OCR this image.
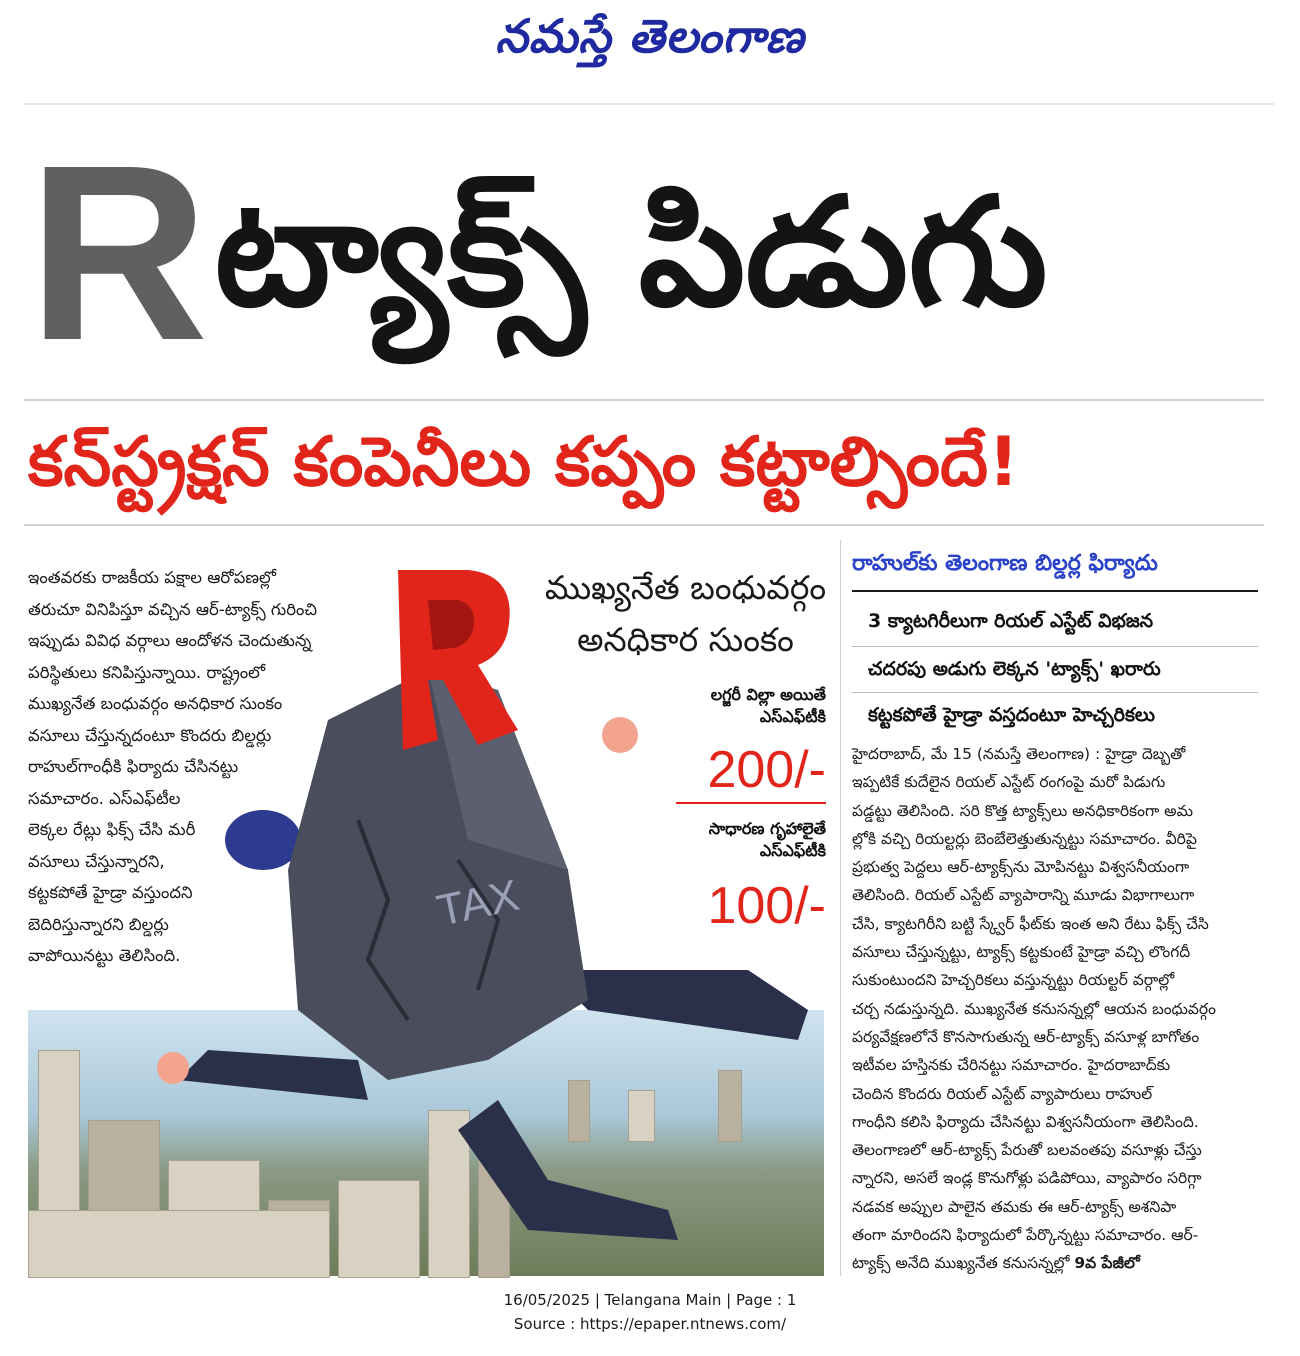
నమస్తే తెలంగాణ
R ట్యాక్స్ పిడుగు
కన్‌స్ట్రక్షన్ కంపెనీలు కప్పం కట్టాల్సిందే!
TAX
ఇంతవరకు రాజకీయ పక్షాల ఆరోపణల్లో
తరుచూ వినిపిస్తూ వచ్చిన ఆర్-ట్యాక్స్ గురించి
ఇప్పుడు వివిధ వర్గాలు ఆందోళన చెందుతున్న
పరిస్థితులు కనిపిస్తున్నాయి. రాష్ట్రంలో
ముఖ్యనేత బంధువర్గం అనధికార సుంకం
వసూలు చేస్తున్నదంటూ కొందరు బిల్డర్లు
రాహుల్‌గాంధీకి ఫిర్యాదు చేసినట్టు
సమాచారం. ఎస్‌ఎఫ్‌టీల
లెక్కల రేట్లు ఫిక్స్ చేసి మరీ
వసూలు చేస్తున్నారని,
కట్టకపోతే హైడ్రా వస్తుందని
బెదిరిస్తున్నారని బిల్డర్లు
వాపోయినట్టు తెలిసింది.
ముఖ్యనేత బంధువర్గం
అనధికార సుంకం
లగ్జరీ విల్లా అయితే
ఎస్‌ఎఫ్‌టీకి
200/-
సాధారణ గృహాలైతే
ఎస్‌ఎఫ్‌టీకి
100/-
రాహుల్‌కు తెలంగాణ బిల్డర్ల ఫిర్యాదు
3 క్యాటగిరీలుగా రియల్ ఎస్టేట్ విభజన
చదరపు అడుగు లెక్కన 'ట్యాక్స్' ఖరారు
కట్టకపోతే హైడ్రా వస్తదంటూ హెచ్చరికలు
హైదరాబాద్, మే 15 (నమస్తే తెలంగాణ) : హైడ్రా దెబ్బతో
ఇప్పటికే కుదేలైన రియల్ ఎస్టేట్ రంగంపై మరో పిడుగు
పడ్డట్టు తెలిసింది. సరి కొత్త ట్యాక్స్‌లు అనధికారికంగా అమ
ల్లోకి వచ్చి రియల్టర్లు బెంబేలెత్తుతున్నట్టు సమాచారం. వీరిపై
ప్రభుత్వ పెద్దలు ఆర్-ట్యాక్స్‌ను మోపినట్టు విశ్వసనీయంగా
తెలిసింది. రియల్ ఎస్టేట్ వ్యాపారాన్ని మూడు విభాగాలుగా
చేసి, క్యాటగిరీని బట్టి స్క్వేర్ ఫీట్‌కు ఇంత అని రేటు ఫిక్స్ చేసి
వసూలు చేస్తున్నట్టు, ట్యాక్స్ కట్టకుంటే హైడ్రా వచ్చి లొంగదీ
సుకుంటుందని హెచ్చరికలు వస్తున్నట్టు రియల్టర్ వర్గాల్లో
చర్చ నడుస్తున్నది. ముఖ్యనేత కనుసన్నల్లో ఆయన బంధువర్గం
పర్యవేక్షణలోనే కొనసాగుతున్న ఆర్-ట్యాక్స్ వసూళ్ల బాగోతం
ఇటీవల హస్తినకు చేరినట్టు సమాచారం. హైదరాబాద్‌కు
చెందిన కొందరు రియల్ ఎస్టేట్ వ్యాపారులు రాహుల్
గాంధీని కలిసి ఫిర్యాదు చేసినట్టు విశ్వసనీయంగా తెలిసింది.
తెలంగాణలో ఆర్-ట్యాక్స్ పేరుతో బలవంతపు వసూళ్లు చేస్తు
న్నారని, అసలే ఇండ్ల కొనుగోళ్లు పడిపోయి, వ్యాపారం సరిగ్గా
నడవక అప్పుల పాలైన తమకు ఈ ఆర్-ట్యాక్స్ అశనిపా
తంగా మారిందని ఫిర్యాదులో పేర్కొన్నట్టు సమాచారం. ఆర్-
ట్యాక్స్ అనేది ముఖ్యనేత కనుసన్నల్లో 9వ పేజీలో
16/05/2025 | Telangana Main | Page : 1
Source : https://epaper.ntnews.com/
